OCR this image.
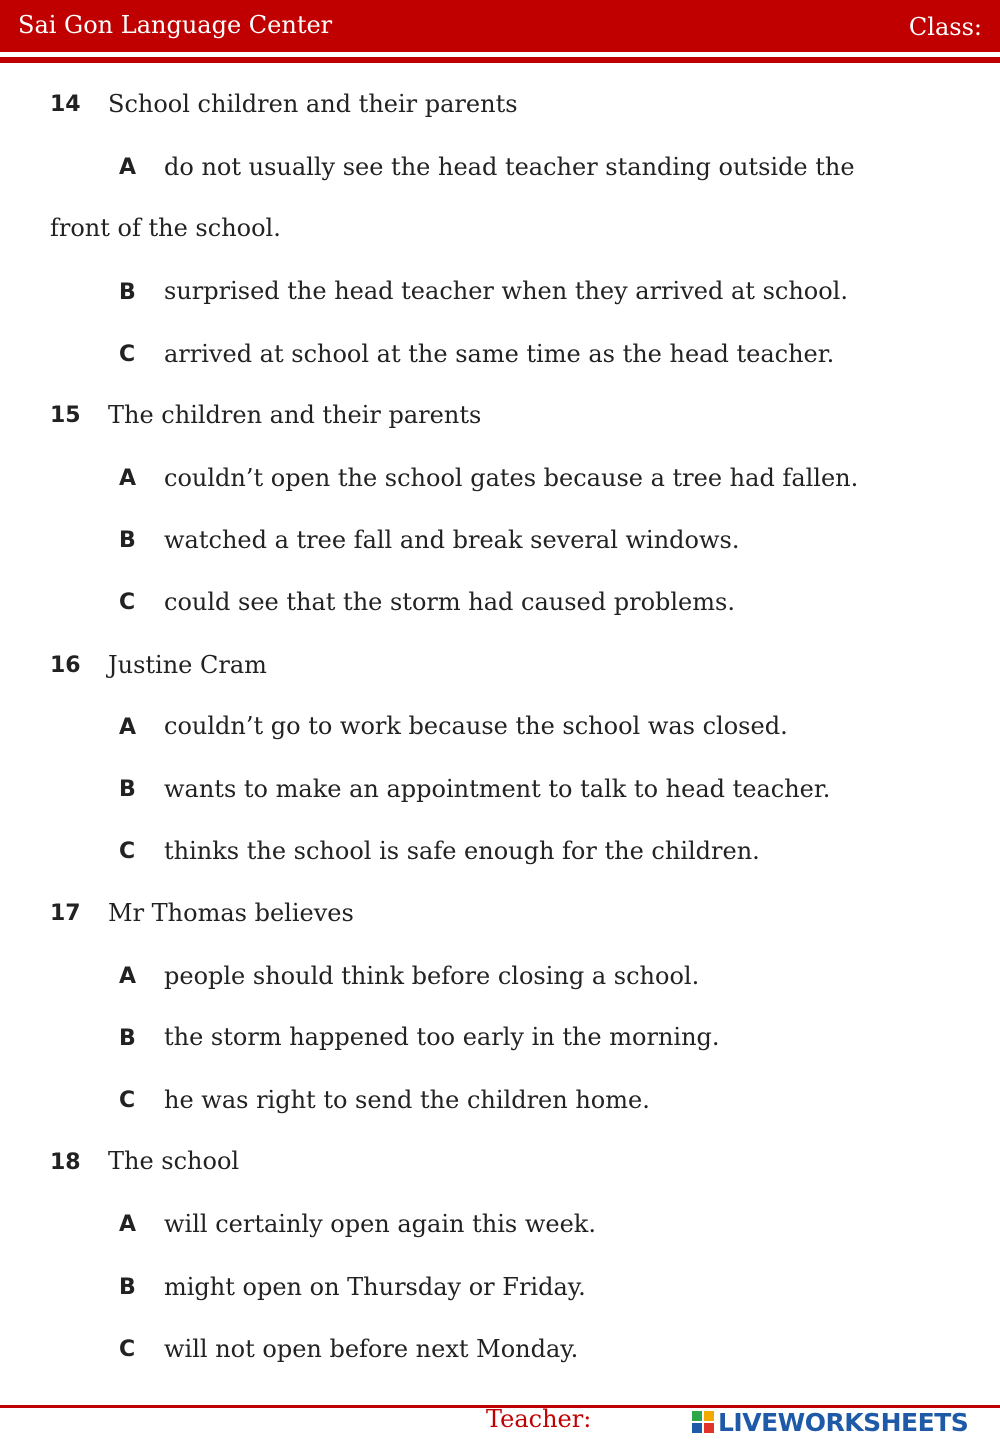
Sai Gon Language Center	Class:
14 School children and their parents
A do not usually see the head teacher standing outside the
front of the school.
B surprised the head teacher when they arrived at school.
C arrived at school at the same time as the head teacher.
15 The children and their parents
A couldn’t open the school gates because a tree had fallen.
B watched a tree fall and break several windows.
C could see that the storm had caused problems.
16 Justine Cram
A couldn’t go to work because the school was closed.
B wants to make an appointment to talk to head teacher.
C thinks the school is safe enough for the children.
17 Mr Thomas believes
A people should think before closing a school.
B the storm happened too early in the morning.
C he was right to send the children home.
18 The school
A will certainly open again this week.
B might open on Thursday or Friday.
C will not open before next Monday.
Teacher:	LIVEWORKSHEETS
